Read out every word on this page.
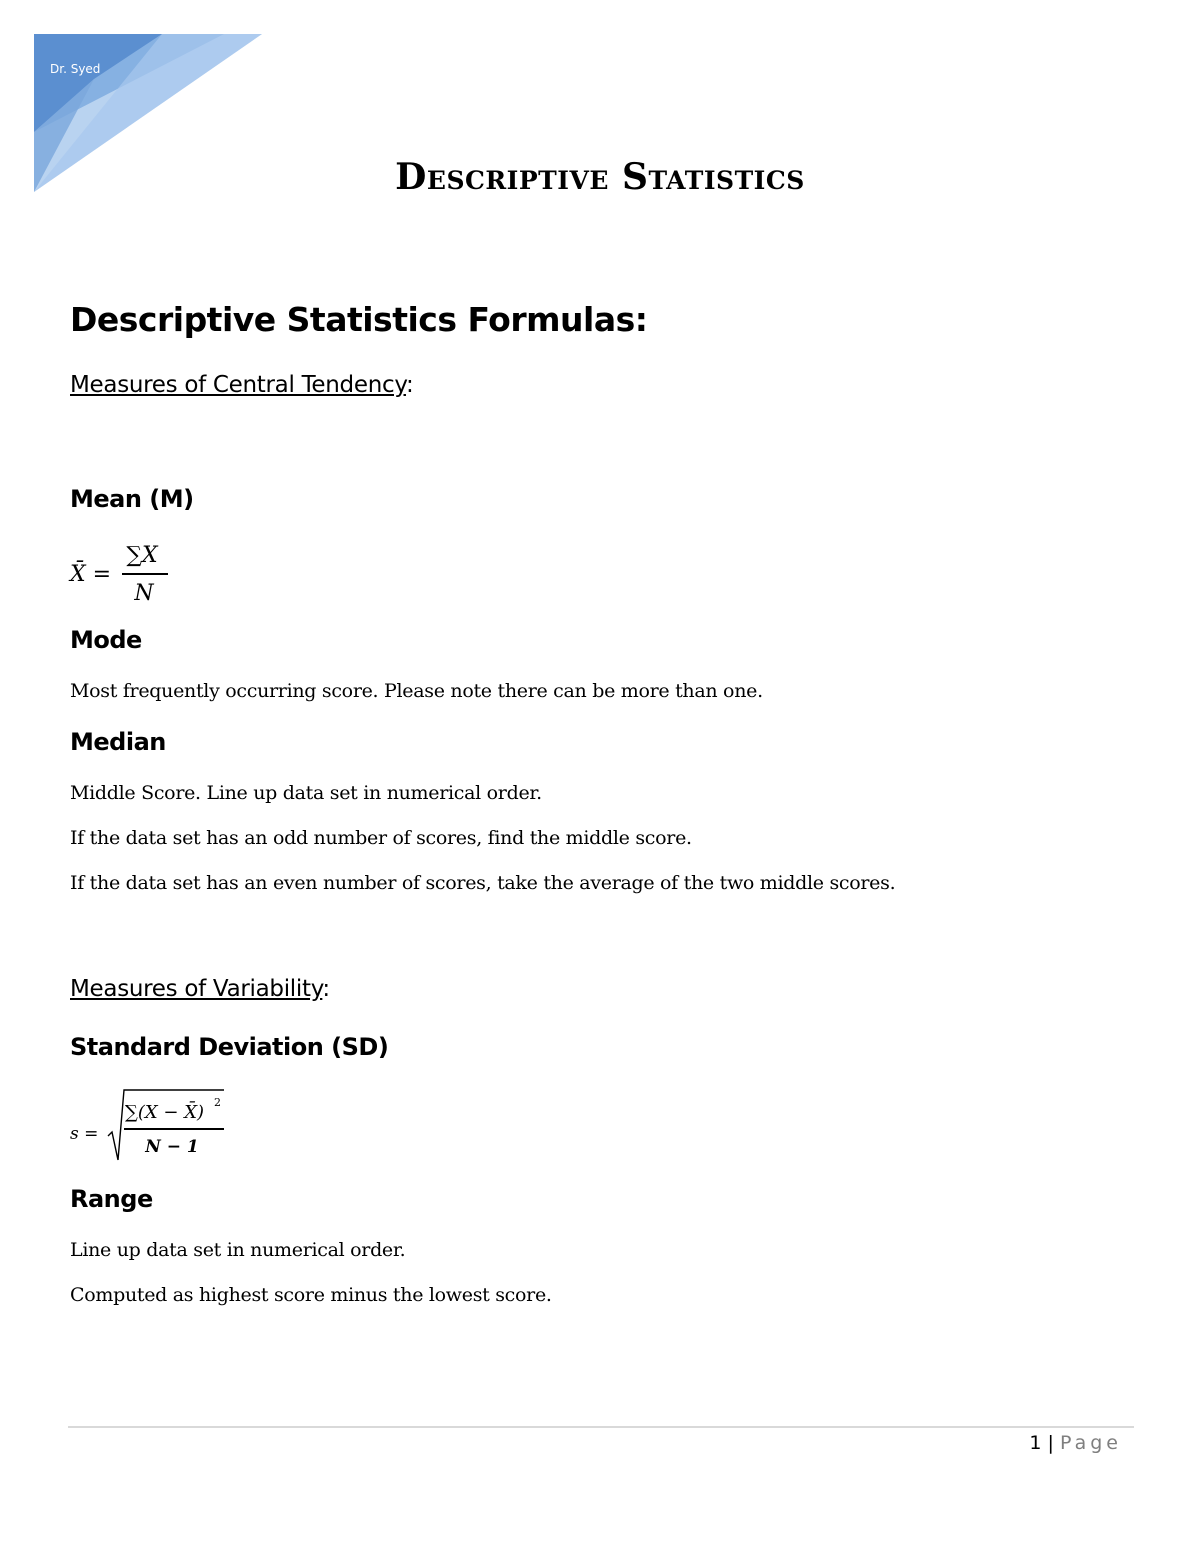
Dr. Syed
Descriptive Statistics
Descriptive Statistics Formulas:
Measures of Central Tendency:
Mean (M)
X̄ =
∑X
N
Mode
Most frequently occurring score. Please note there can be more than one.
Median
Middle Score. Line up data set in numerical order.
If the data set has an odd number of scores, find the middle score.
If the data set has an even number of scores, take the average of the two middle scores.
Measures of Variability:
Standard Deviation (SD)
s =
∑(X − X̄) 2
N − 1
Range
Line up data set in numerical order.
Computed as highest score minus the lowest score.
1 | Page
